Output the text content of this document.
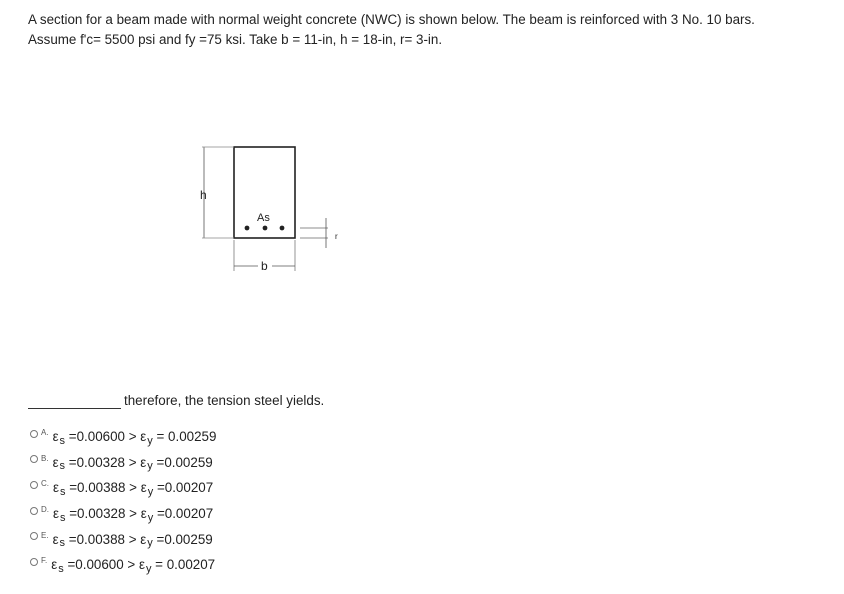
A section for a beam made with normal weight concrete (NWC) is shown below. The beam is reinforced with 3 No. 10 bars.
Assume f'c= 5500 psi and fy =75 ksi. Take b = 11-in, h = 18-in, r= 3-in.
h
As
b
r
therefore, the tension steel yields.
A. ε s
=0.00600 >
ε y
= 0.00259
B. ε s
=0.00328 >
ε y
=0.00259
C. ε s
=0.00388 >
ε y
=0.00207
D. ε s
=0.00328 >
ε y
=0.00207
E. ε s
=0.00388 >
ε y
=0.00259
F. ε s
=0.00600 >
ε y
= 0.00207
